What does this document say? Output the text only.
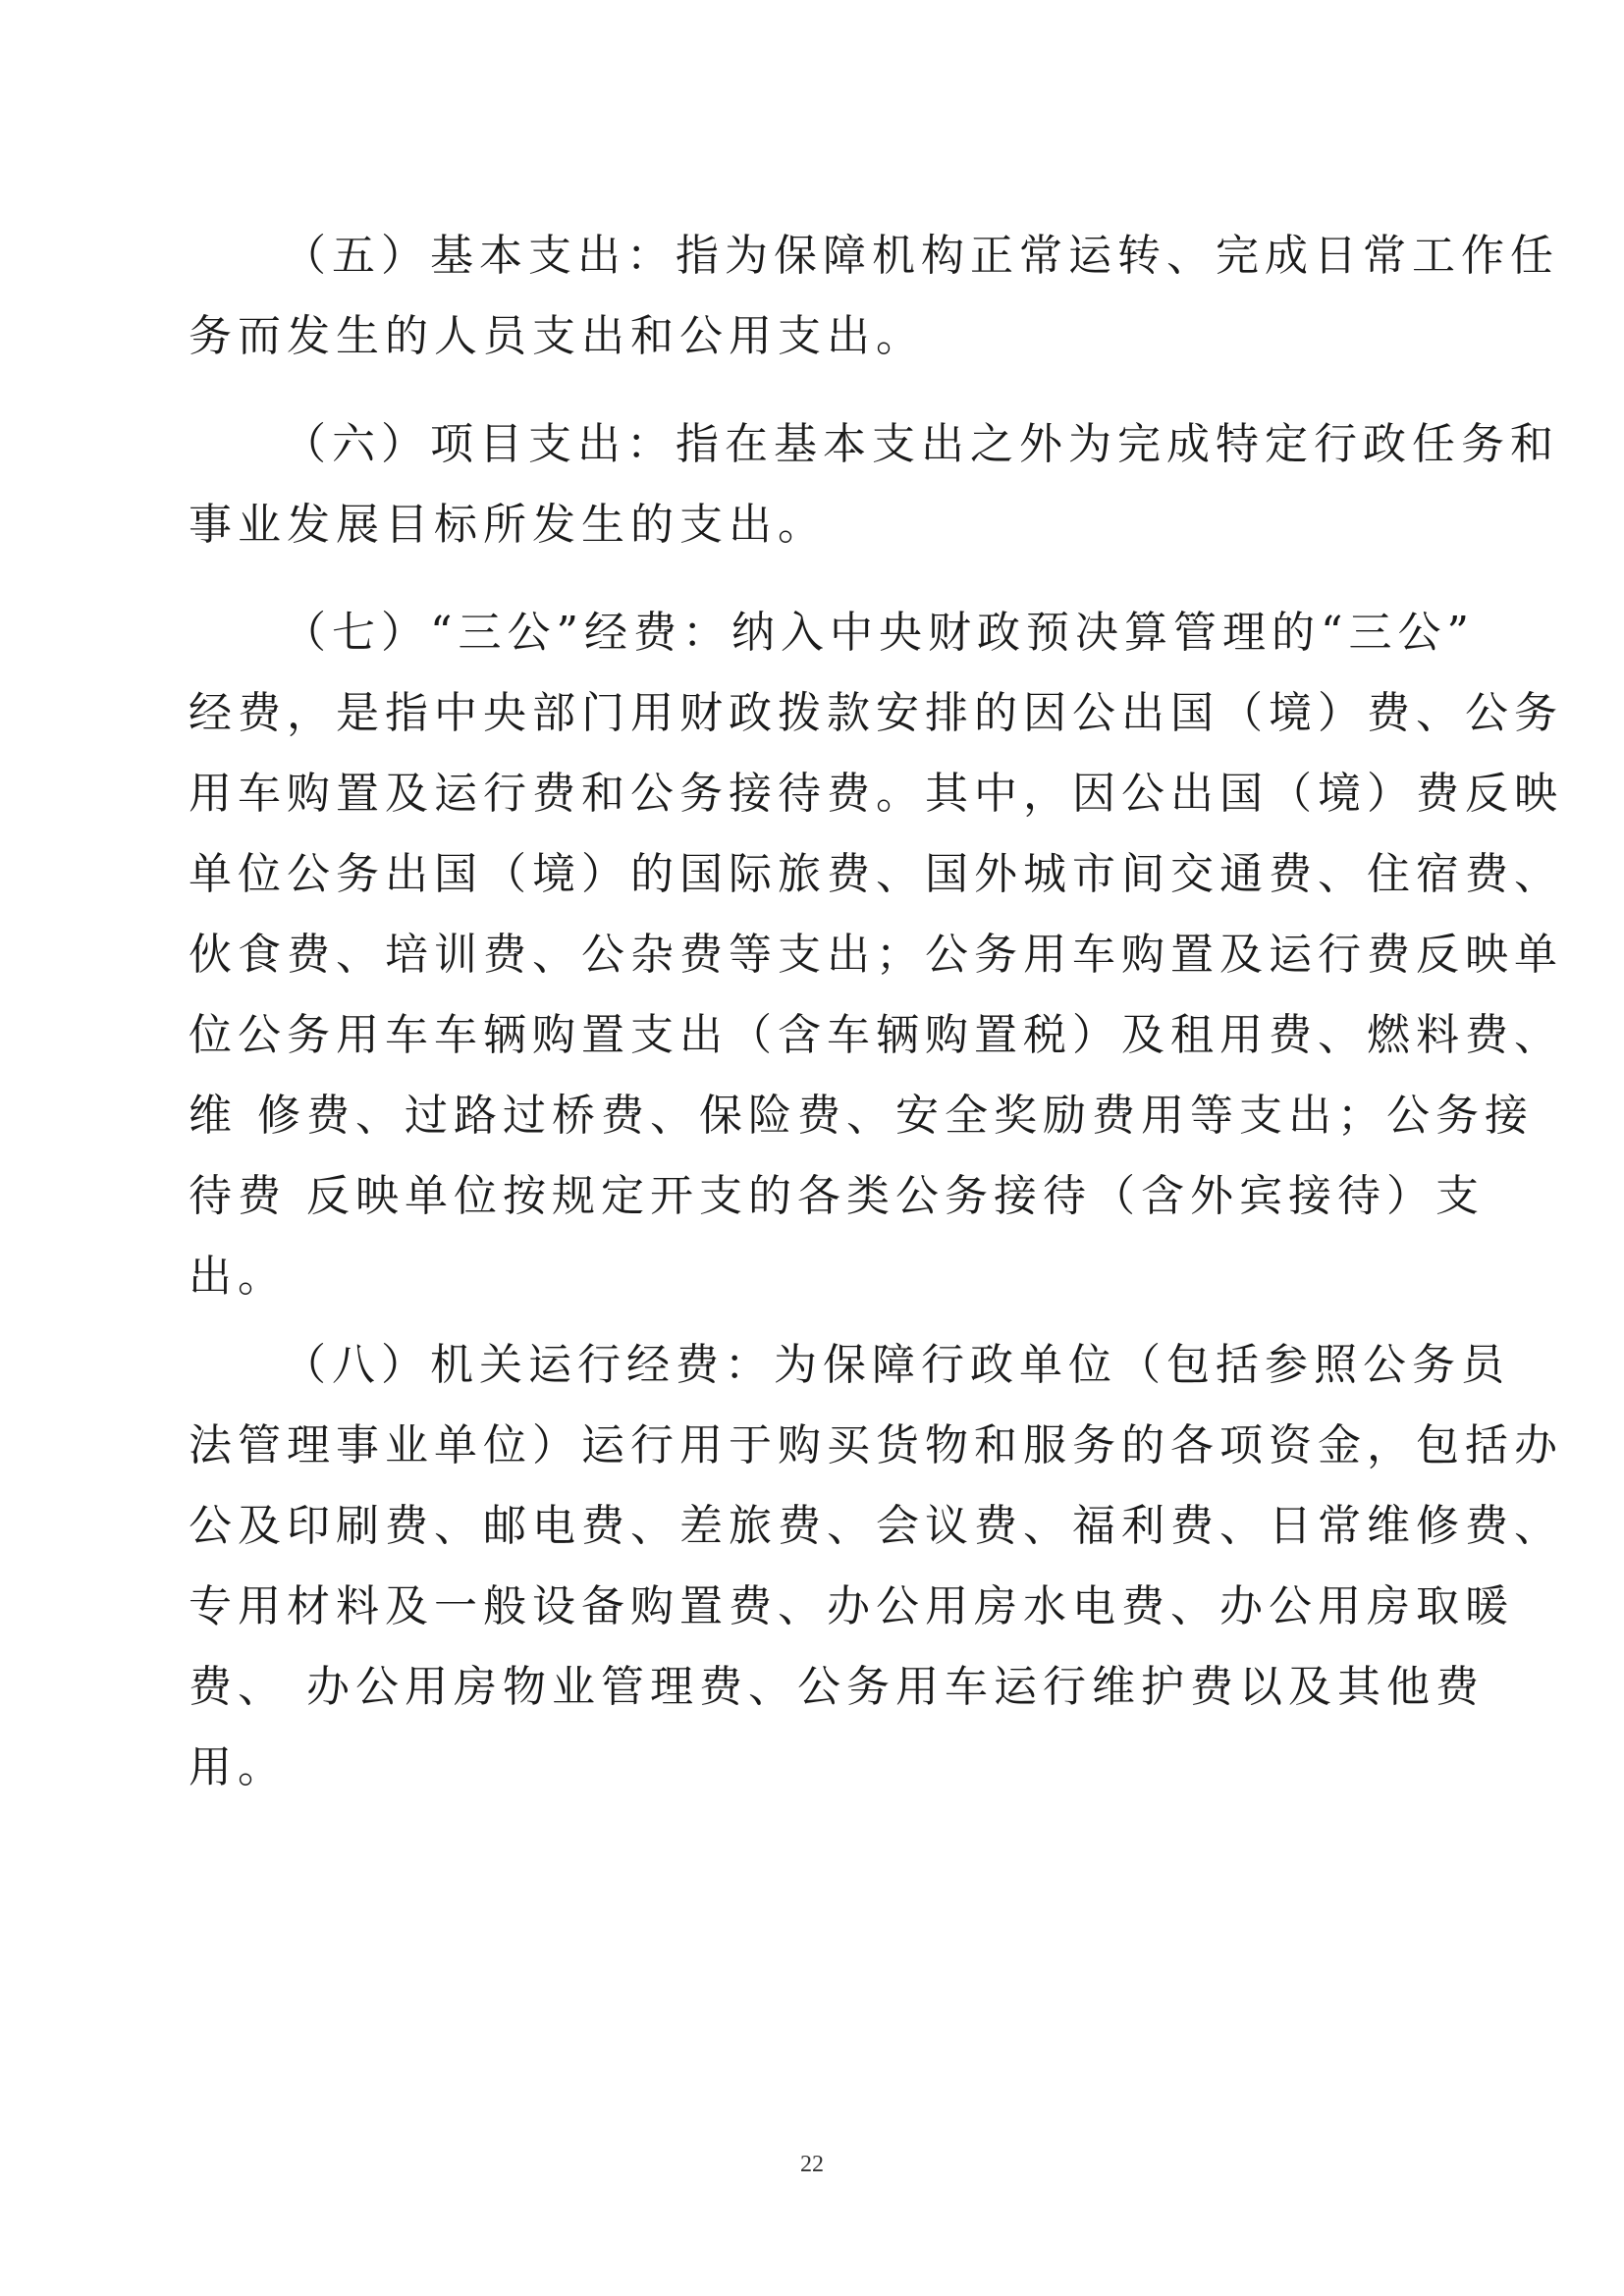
（五）基本支出：指为保障机构正常运转、完成日常工作任
务而发生的人员支出和公用支出。

（六）项目支出：指在基本支出之外为完成特定行政任务和
事业发展目标所发生的支出。

（七）“三公”经费：纳入中央财政预决算管理的“三公”
经费，是指中央部门用财政拨款安排的因公出国（境）费、公务
用车购置及运行费和公务接待费。其中，因公出国（境）费反映
单位公务出国（境）的国际旅费、国外城市间交通费、住宿费、
伙食费、培训费、公杂费等支出；公务用车购置及运行费反映单
位公务用车车辆购置支出（含车辆购置税）及租用费、燃料费、
维 修费、过路过桥费、保险费、安全奖励费用等支出；公务接
待费 反映单位按规定开支的各类公务接待（含外宾接待）支
出。

（八）机关运行经费：为保障行政单位（包括参照公务员
法管理事业单位）运行用于购买货物和服务的各项资金，包括办
公及印刷费、邮电费、差旅费、会议费、福利费、日常维修费、
专用材料及一般设备购置费、办公用房水电费、办公用房取暖
费、 办公用房物业管理费、公务用车运行维护费以及其他费
用。

22
